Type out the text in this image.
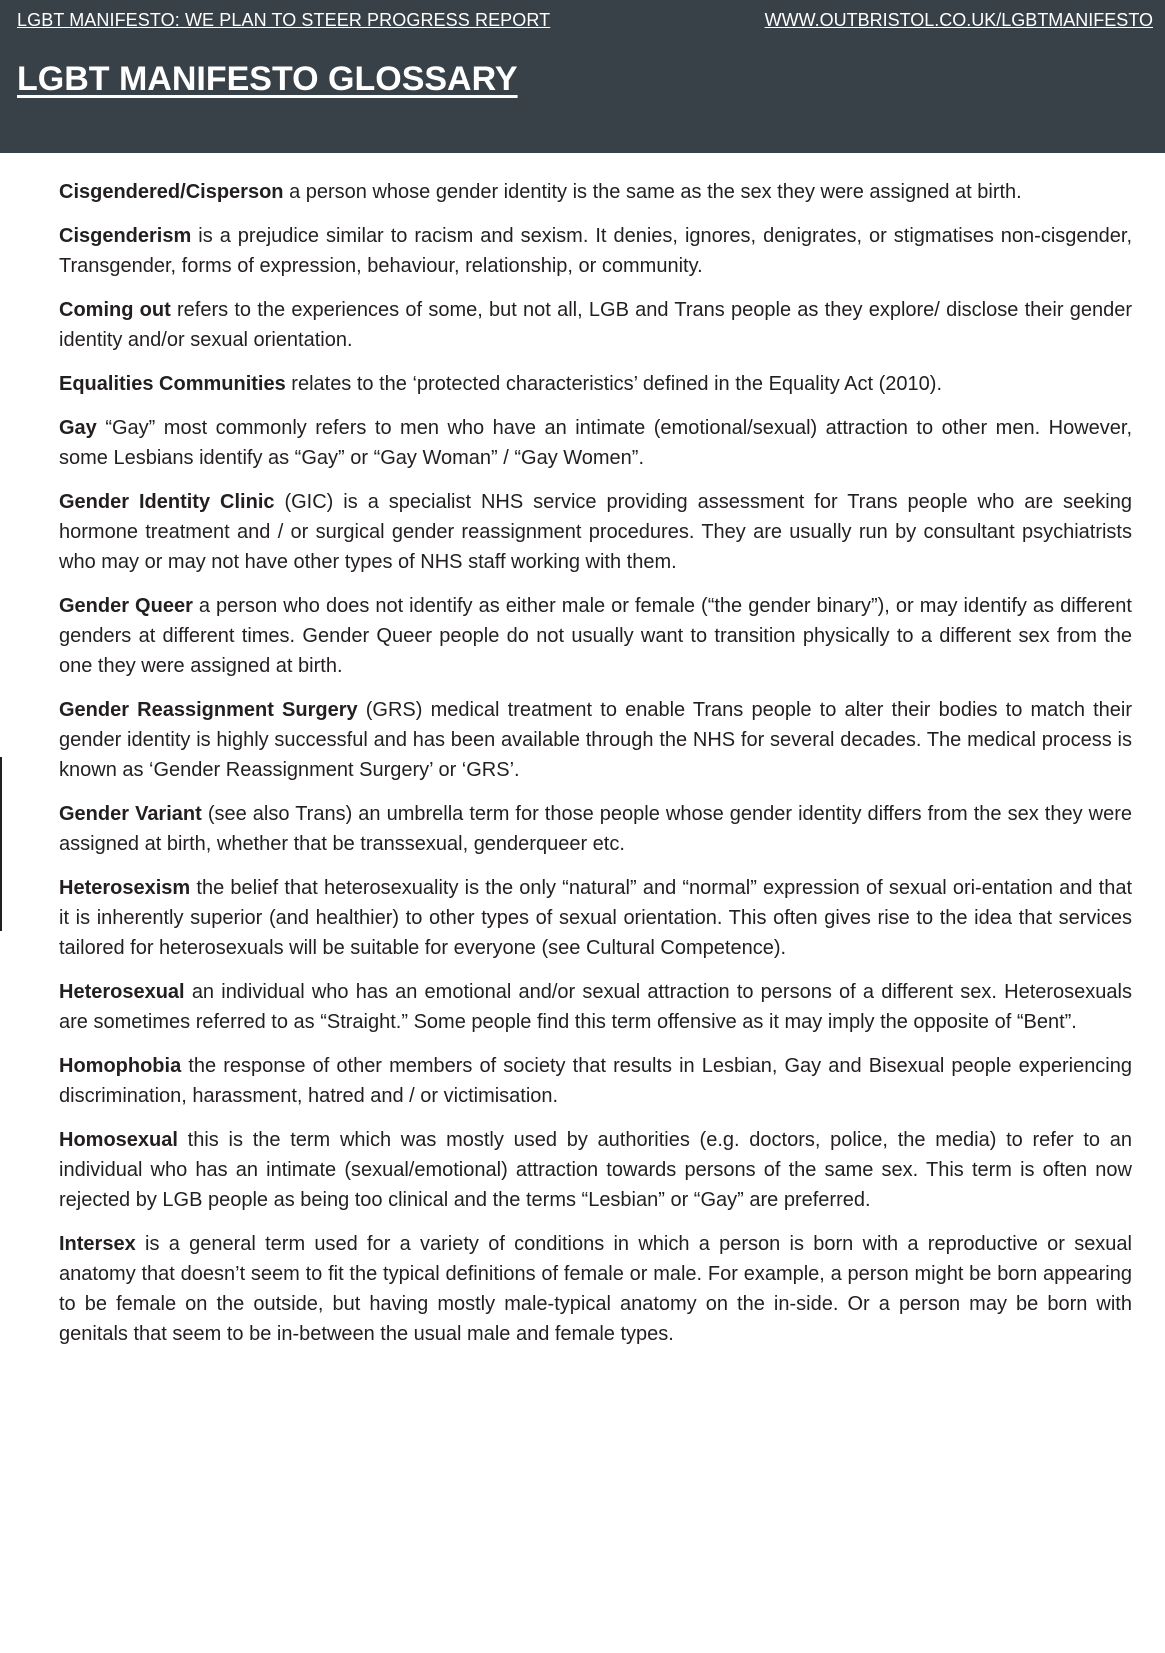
LGBT MANIFESTO: WE PLAN TO STEER PROGRESS REPORT	WWW.OUTBRISTOL.CO.UK/LGBTMANIFESTO
LGBT MANIFESTO GLOSSARY

Cisgendered/Cisperson a person whose gender identity is the same as the sex they were assigned at birth.

Cisgenderism is a prejudice similar to racism and sexism. It denies, ignores, denigrates, or stigmatises non-cisgender, Transgender, forms of expression, behaviour, relationship, or community.

Coming out refers to the experiences of some, but not all, LGB and Trans people as they explore/ disclose their gender identity and/or sexual orientation.

Equalities Communities relates to the ‘protected characteristics’ defined in the Equality Act (2010).

Gay “Gay” most commonly refers to men who have an intimate (emotional/sexual) attraction to other men. However, some Lesbians identify as “Gay” or “Gay Woman” / “Gay Women”.

Gender Identity Clinic (GIC) is a specialist NHS service providing assessment for Trans people who are seeking hormone treatment and / or surgical gender reassignment procedures. They are usually run by consultant psychiatrists who may or may not have other types of NHS staff working with them.

Gender Queer a person who does not identify as either male or female (“the gender binary”), or may identify as different genders at different times. Gender Queer people do not usually want to transition physically to a different sex from the one they were assigned at birth.

Gender Reassignment Surgery (GRS) medical treatment to enable Trans people to alter their bodies to match their gender identity is highly successful and has been available through the NHS for several decades. The medical process is known as ‘Gender Reassignment Surgery’ or ‘GRS’.

Gender Variant (see also Trans) an umbrella term for those people whose gender identity differs from the sex they were assigned at birth, whether that be transsexual, genderqueer etc.

Heterosexism the belief that heterosexuality is the only “natural” and “normal” expression of sexual ori-entation and that it is inherently superior (and healthier) to other types of sexual orientation. This often gives rise to the idea that services tailored for heterosexuals will be suitable for everyone (see Cultural Competence).

Heterosexual an individual who has an emotional and/or sexual attraction to persons of a different sex. Heterosexuals are sometimes referred to as “Straight.” Some people find this term offensive as it may imply the opposite of “Bent”.

Homophobia the response of other members of society that results in Lesbian, Gay and Bisexual people experiencing discrimination, harassment, hatred and / or victimisation.

Homosexual this is the term which was mostly used by authorities (e.g. doctors, police, the media) to refer to an individual who has an intimate (sexual/emotional) attraction towards persons of the same sex. This term is often now rejected by LGB people as being too clinical and the terms “Lesbian” or “Gay” are preferred.

Intersex is a general term used for a variety of conditions in which a person is born with a reproductive or sexual anatomy that doesn’t seem to fit the typical definitions of female or male. For example, a person might be born appearing to be female on the outside, but having mostly male-typical anatomy on the in-side. Or a person may be born with genitals that seem to be in-between the usual male and female types.
